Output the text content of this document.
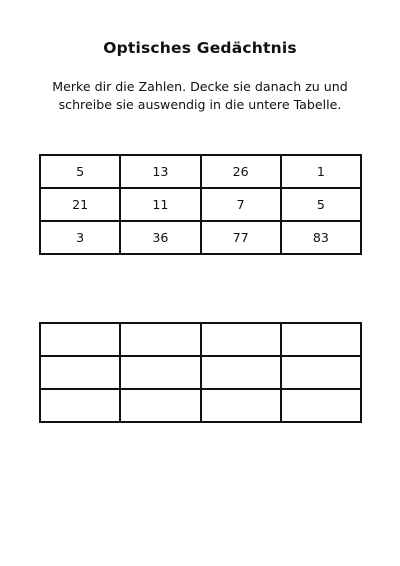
Optisches Gedächtnis
Merke dir die Zahlen. Decke sie danach zu und
schreibe sie auswendig in die untere Tabelle.
5	13	26	1
21	11	7	5
3	36	77	83
